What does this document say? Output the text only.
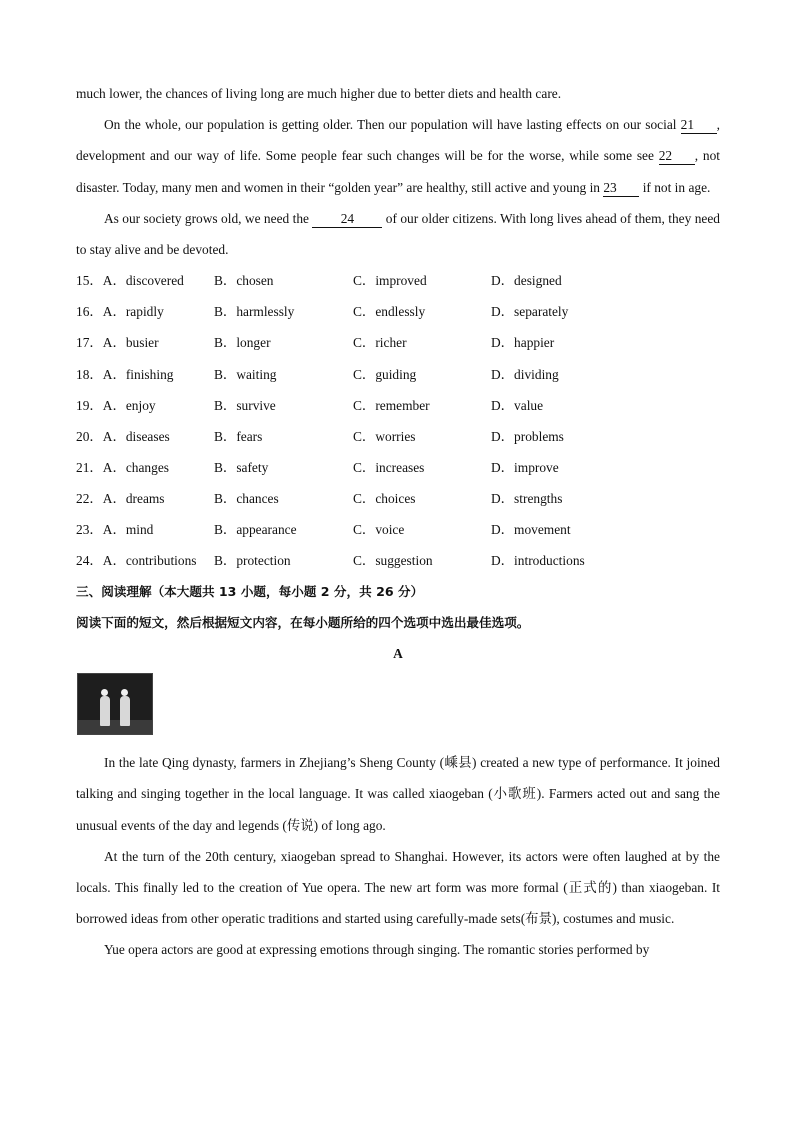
much lower, the chances of living long are much higher due to better diets and health care.

On the whole, our population is getting older. Then our population will have lasting effects on our social 21 , development and our way of life. Some people fear such changes will be for the worse, while some see 22 , not disaster. Today, many men and women in their “golden year” are healthy, still active and young in 23 if not in age.

As our society grows old, we need the 24 of our older citizens. With long lives ahead of them, they need to stay alive and be devoted.

15．A．discovered	B．chosen	C．improved	D．designed
16．A．rapidly	B．harmlessly	C．endlessly	D．separately
17．A．busier	B．longer	C．richer	D．happier
18．A．finishing	B．waiting	C．guiding	D．dividing
19．A．enjoy	B．survive	C．remember	D．value
20．A．diseases	B．fears	C．worries	D．problems
21．A．changes	B．safety	C．increases	D．improve
22．A．dreams	B．chances	C．choices	D．strengths
23．A．mind	B．appearance	C．voice	D．movement
24．A．contributions	B．protection	C．suggestion	D．introductions

三、阅读理解（本大题共 13 小题，每小题 2 分，共 26 分）

阅读下面的短文，然后根据短文内容，在每小题所给的四个选项中选出最佳选项。

A

In the late Qing dynasty, farmers in Zhejiang’s Sheng County (嵊县) created a new type of performance. It joined talking and singing together in the local language. It was called xiaogeban (小歌班). Farmers acted out and sang the unusual events of the day and legends (传说) of long ago.

At the turn of the 20th century, xiaogeban spread to Shanghai. However, its actors were often laughed at by the locals. This finally led to the creation of Yue opera. The new art form was more formal (正式的) than xiaogeban. It borrowed ideas from other operatic traditions and started using carefully-made sets(布景), costumes and music.

Yue opera actors are good at expressing emotions through singing. The romantic stories performed by
